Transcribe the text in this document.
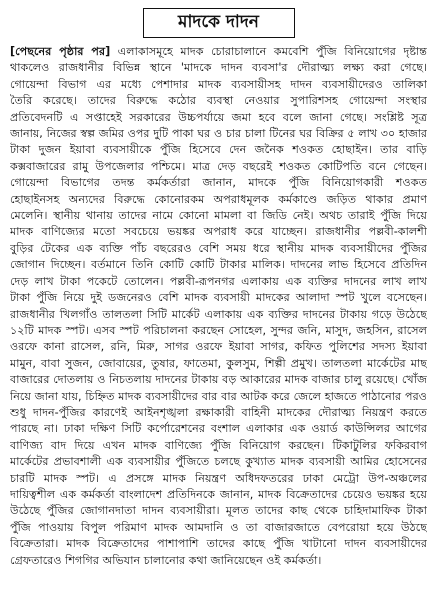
মাদকে দাদন
[পেছনের পৃষ্ঠার পর] এলাকাসমূহে মাদক চোরাচালানে কমবেশি পুঁজি বিনিয়োগের দৃষ্টান্ত
থাকলেও রাজধানীর বিভিন্ন স্থানে 'মাদকে দাদন ব্যবসা'র দৌরাত্ম্য লক্ষ্য করা গেছে।
গোয়েন্দা বিভাগ এর মধ্যে পেশাদার মাদক ব্যবসায়ীসহ দাদন ব্যবসায়ীদেরও তালিকা
তৈরি করেছে। তাদের বিরুদ্ধে কঠোর ব্যবস্থা নেওয়ার সুপারিশসহ গোয়েন্দা সংস্থার
প্রতিবেদনটি এ সপ্তাহেই সরকারের উচ্চপর্যায়ে জমা হবে বলে জানা গেছে। সংশ্লিষ্ট সূত্র
জানায়, নিজের স্বল্প জমির ওপর দুটি পাকা ঘর ও চার চালা টিনের ঘর বিক্রির ৫ লাখ ৩০ হাজার
টাকা দুজন ইয়াবা ব্যবসায়ীকে পুঁজি হিসেবে দেন জনৈক শওকত হোছাইন। তার বাড়ি
কক্সবাজারের রামু উপজেলার পশ্চিমে। মাত্র দেড় বছরেই শওকত কোটিপতি বনে গেছেন।
গোয়েন্দা বিভাগের তদন্ত কর্মকর্তারা জানান, মাদকে পুঁজি বিনিয়োগকারী শওকত
হোছাইনসহ অন্যদের বিরুদ্ধে কোনোরকম অপরাধমূলক কর্মকাণ্ডে জড়িত থাকার প্রমাণ
মেলেনি। স্থানীয় থানায় তাদের নামে কোনো মামলা বা জিডি নেই। অথচ তারাই পুঁজি দিয়ে
মাদক বাণিজ্যের মতো সবচেয়ে ভয়ঙ্কর অপরাধ করে যাচ্ছেন। রাজধানীর পল্লবী-কালশী
বুড়ির টেকের এক ব্যক্তি পাঁচ বছরেরও বেশি সময় ধরে স্থানীয় মাদক ব্যবসায়ীদের পুঁজির
জোগান দিচ্ছেন। বর্তমানে তিনি কোটি কোটি টাকার মালিক। দাদনের লাভ হিসেবে প্রতিদিন
দেড় লাখ টাকা পকেটে তোলেন। পল্লবী-রূপনগর এলাকায় এক ব্যক্তির দাদনের লাখ লাখ
টাকা পুঁজি নিয়ে দুই ডজনেরও বেশি মাদক ব্যবসায়ী মাদকের আলাদা স্পট খুলে বসেছেন।
রাজধানীর খিলগাঁও তালতলা সিটি মার্কেট এলাকায় এক ব্যক্তির দাদনের টাকায় গড়ে উঠেছে
১২টি মাদক স্পট। এসব স্পট পরিচালনা করছেন সোহেল, সুন্দর জনি, মাসুদ, জহসিন, রাসেল
ওরফে কানা রাসেল, রনি, মিরু, সাগর ওরফে ইয়াবা সাগর, কফিত পুলিশের সদস্য ইয়াবা
মামুন, বাবা সুজন, জোবায়ের, তুষার, ফাতেমা, কুলসুম, শিল্পী প্রমুখ। তালতলা মার্কেটের মাছ
বাজারের দোতলায় ও নিচতলায় দাদনের টাকায় বড় আকারের মাদক বাজার চালু রয়েছে। খোঁজ
নিয়ে জানা যায়, চিহ্নিত মাদক ব্যবসায়ীদের বার বার আটক করে জেলে হাজতে পাঠানোর পরও
শুধু দাদন-পুঁজির কারণেই আইনশৃঙ্খলা রক্ষাকারী বাহিনী মাদকের দৌরাত্ম্য নিয়ন্ত্রণ করতে
পারছে না। ঢাকা দক্ষিণ সিটি কর্পোরেশনের বংশাল এলাকার এক ওয়ার্ড কাউন্সিলর আগের
বাণিজ্য বাদ দিয়ে এখন মাদক বাণিজ্যে পুঁজি বিনিয়োগ করছেন। টিকাটুলির ফকিরবাগ
মার্কেটের প্রভাবশালী এক ব্যবসায়ীর পুঁজিতে চলছে কুখ্যাত মাদক ব্যবসায়ী আমির হোসেনের
চারটি মাদক স্পট। এ প্রসঙ্গে মাদক নিয়ন্ত্রণ অধিদফতরের ঢাকা মেট্রো উপ-অঞ্চলের
দায়িত্বশীল এক কর্মকর্তা বাংলাদেশ প্রতিদিনকে জানান, মাদক বিক্রেতাদের চেয়েও ভয়ঙ্কর হয়ে
উঠেছে পুঁজির জোগানদাতা দাদন ব্যবসায়ীরা। মূলত তাদের কাছ থেকে চাহিদামাফিক টাকা
পুঁজি পাওয়ায় বিপুল পরিমাণ মাদক আমদানি ও তা বাজারজাতে বেপরোয়া হয়ে উঠছে
বিক্রেতারা। মাদক বিক্রেতাদের পাশাপাশি তাদের কাছে পুঁজি খাটানো দাদন ব্যবসায়ীদের
গ্রেফতারেও শিগগির অভিযান চালানোর কথা জানিয়েছেন ওই কর্মকর্তা।
